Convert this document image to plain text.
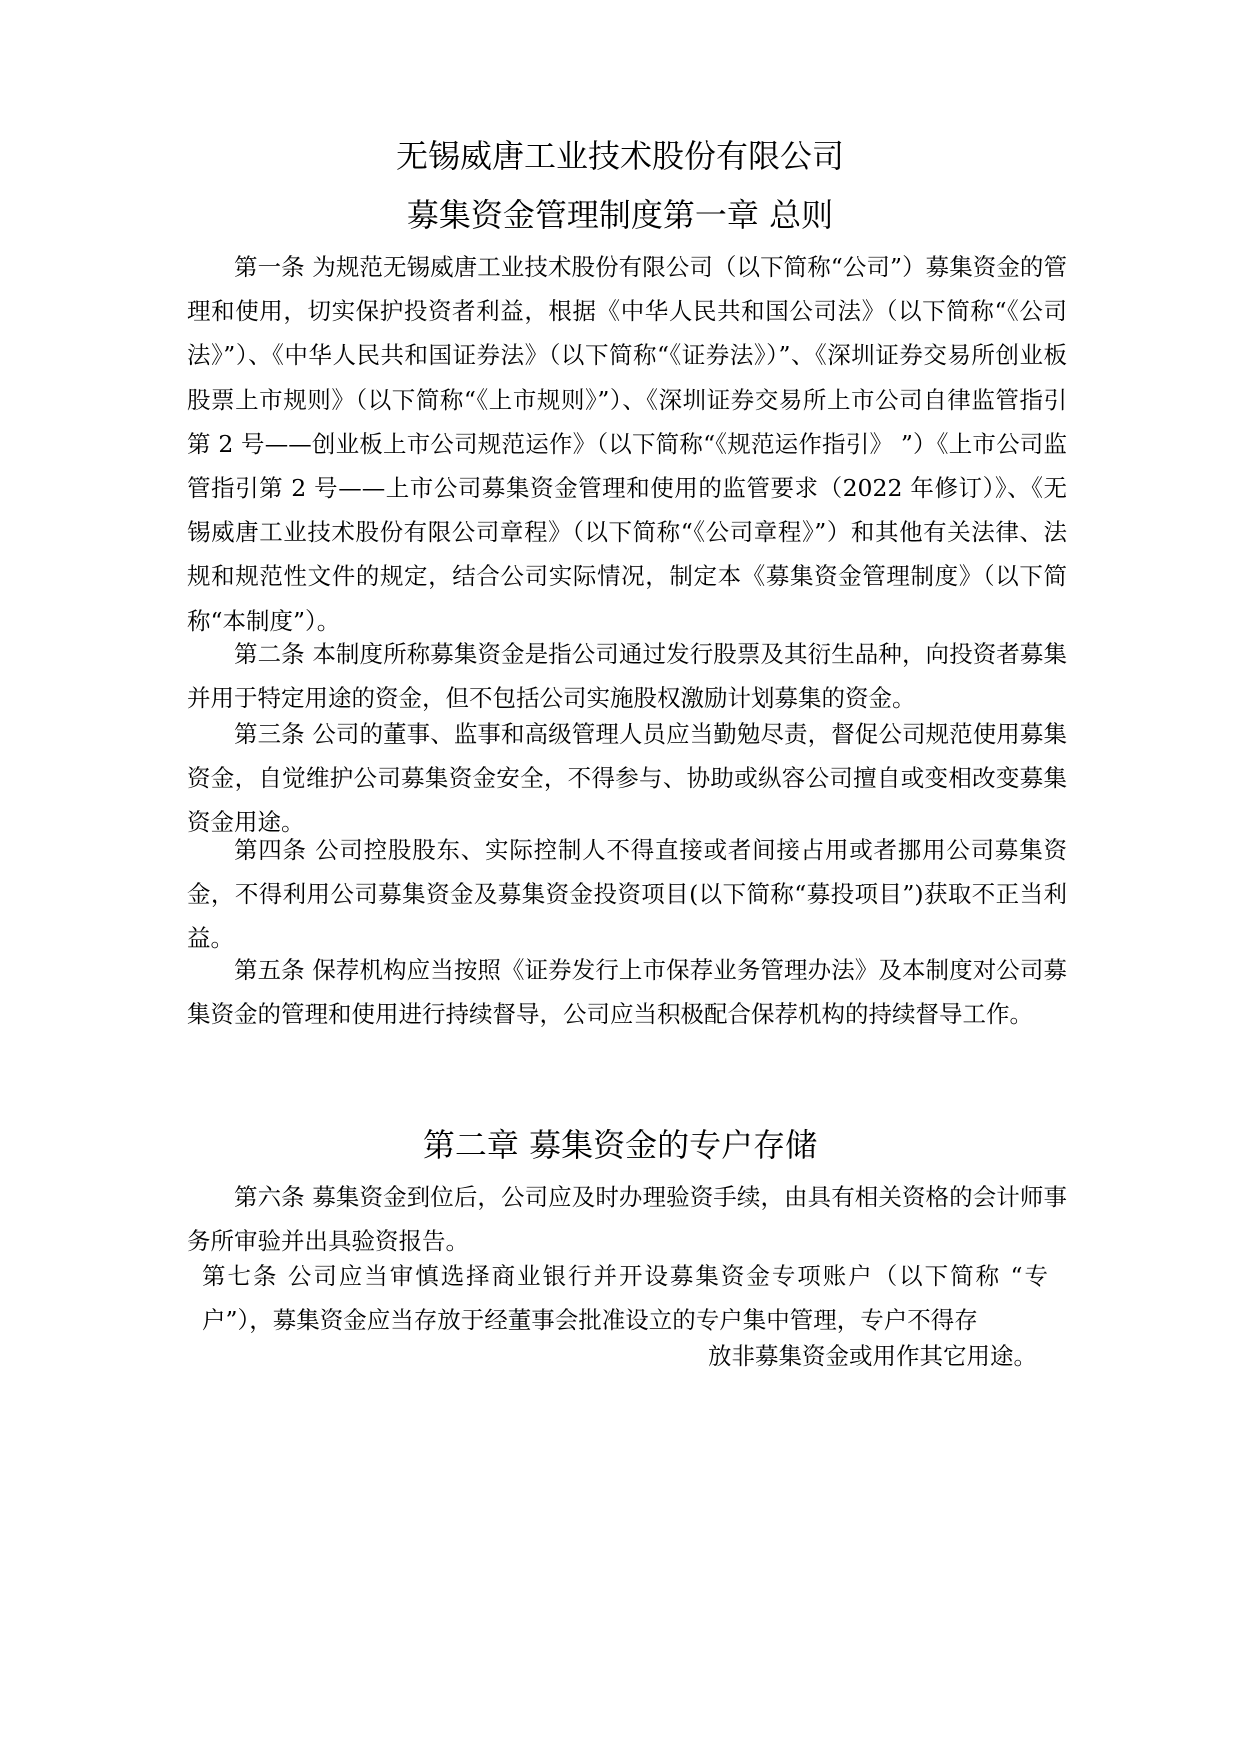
无锡威唐工业技术股份有限公司
募集资金管理制度第一章 总则
第一条 为规范无锡威唐工业技术股份有限公司（以下简称“公司”）募集资金的管理和使用，切实保护投资者利益，根据《中华人民共和国公司法》（以下简称“《公司法》”）、《中华人民共和国证券法》（以下简称“《证券法》）”、《深圳证券交易所创业板股票上市规则》（以下简称“《上市规则》”）、《深圳证券交易所上市公司自律监管指引第 2 号——创业板上市公司规范运作》（以下简称“《规范运作指引》 ”）《上市公司监管指引第 2 号——上市公司募集资金管理和使用的监管要求（2022 年修订）》、《无锡威唐工业技术股份有限公司章程》（以下简称“《公司章程》”）和其他有关法律、法规和规范性文件的规定，结合公司实际情况，制定本《募集资金管理制度》（以下简称“本制度”）。
第二条 本制度所称募集资金是指公司通过发行股票及其衍生品种，向投资者募集并用于特定用途的资金，但不包括公司实施股权激励计划募集的资金。
第三条 公司的董事、监事和高级管理人员应当勤勉尽责，督促公司规范使用募集资金，自觉维护公司募集资金安全，不得参与、协助或纵容公司擅自或变相改变募集资金用途。
第四条 公司控股股东、实际控制人不得直接或者间接占用或者挪用公司募集资金，不得利用公司募集资金及募集资金投资项目(以下简称“募投项目”)获取不正当利益。
第五条 保荐机构应当按照《证券发行上市保荐业务管理办法》及本制度对公司募集资金的管理和使用进行持续督导，公司应当积极配合保荐机构的持续督导工作。
第二章 募集资金的专户存储
第六条 募集资金到位后，公司应及时办理验资手续，由具有相关资格的会计师事务所审验并出具验资报告。
第七条 公司应当审慎选择商业银行并开设募集资金专项账户（以下简称 “专户”），募集资金应当存放于经董事会批准设立的专户集中管理，专户不得存
放非募集资金或用作其它用途。
